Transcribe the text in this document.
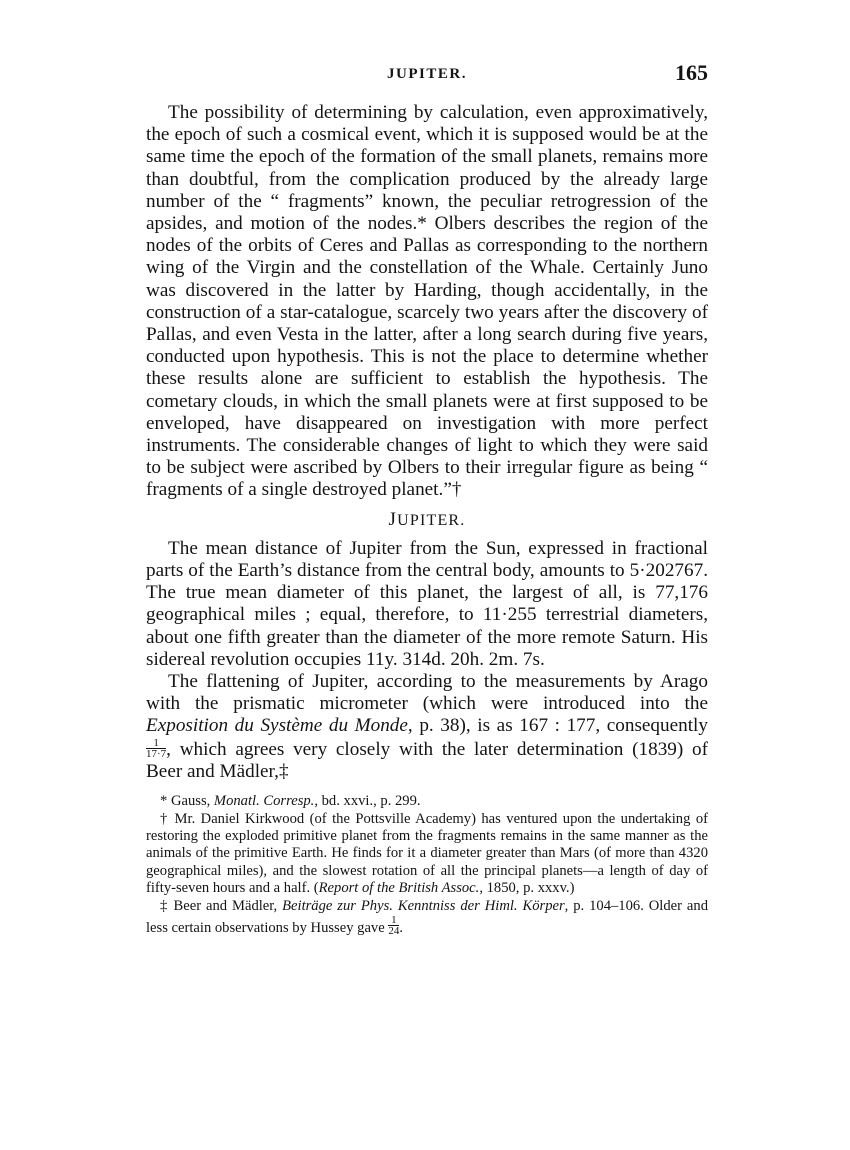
JUPITER.	165

The possibility of determining by calculation, even approximatively, the epoch of such a cosmical event, which it is supposed would be at the same time the epoch of the formation of the small planets, remains more than doubtful, from the complication produced by the already large number of the “ fragments” known, the peculiar retrogression of the apsides, and motion of the nodes.* Olbers describes the region of the nodes of the orbits of Ceres and Pallas as corresponding to the northern wing of the Virgin and the constellation of the Whale. Certainly Juno was discovered in the latter by Harding, though accidentally, in the construction of a star-catalogue, scarcely two years after the discovery of Pallas, and even Vesta in the latter, after a long search during five years, conducted upon hypothesis. This is not the place to determine whether these results alone are sufficient to establish the hypothesis. The cometary clouds, in which the small planets were at first supposed to be enveloped, have disappeared on investigation with more perfect instruments. The considerable changes of light to which they were said to be subject were ascribed by Olbers to their irregular figure as being “ fragments of a single destroyed planet.”†

JUPITER.

The mean distance of Jupiter from the Sun, expressed in fractional parts of the Earth’s distance from the central body, amounts to 5·202767. The true mean diameter of this planet, the largest of all, is 77,176 geographical miles ; equal, therefore, to 11·255 terrestrial diameters, about one fifth greater than the diameter of the more remote Saturn. His sidereal revolution occupies 11y. 314d. 20h. 2m. 7s.

The flattening of Jupiter, according to the measurements by Arago with the prismatic micrometer (which were introduced into the Exposition du Système du Monde, p. 38), is as 167 : 177, consequently
$\frac{1}{17\cdot 7}$ , which agrees very closely with the later determination (1839) of Beer and Mädler,‡

* Gauss, Monatl. Corresp., bd. xxvi., p. 299.

† Mr. Daniel Kirkwood (of the Pottsville Academy) has ventured upon the undertaking of restoring the exploded primitive planet from the fragments remains in the same manner as the animals of the primitive Earth. He finds for it a diameter greater than Mars (of more than 4320 geographical miles), and the slowest rotation of all the principal planets—a length of day of fifty-seven hours and a half. (Report of the British Assoc., 1850, p. xxxv.)

‡ Beer and Mädler, Beiträge zur Phys. Kenntniss der Himl. Körper, p. 104–106. Older and less certain observations by Hussey gave $\frac{1}{24}$ .
